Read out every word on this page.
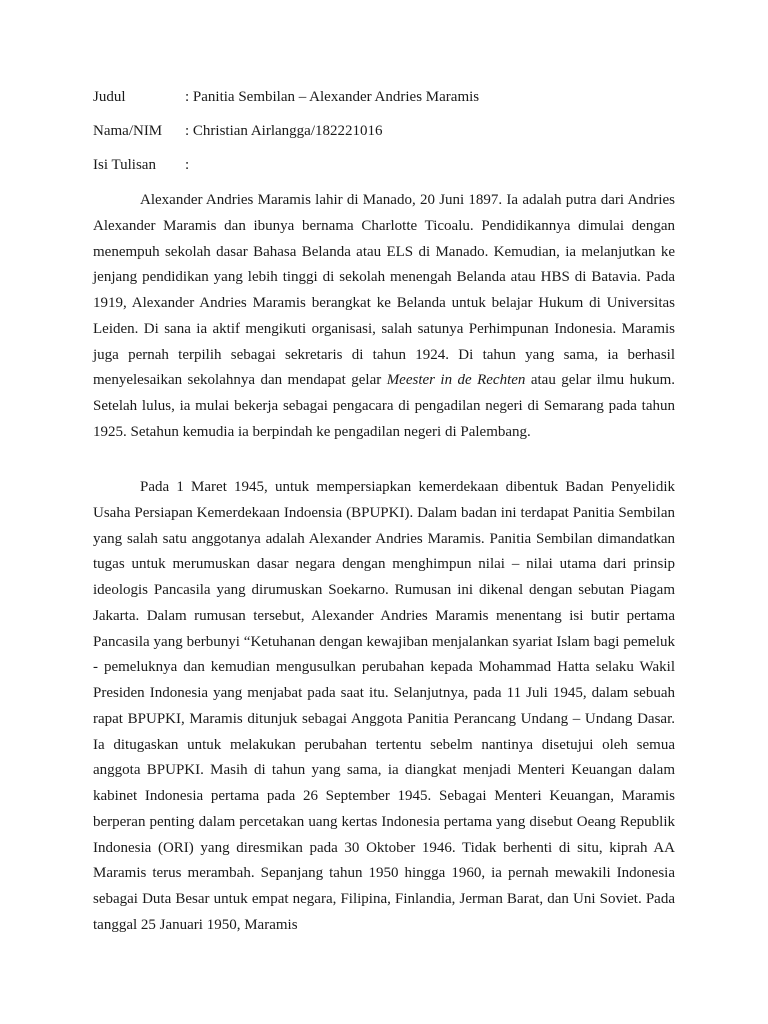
Judul	: Panitia Sembilan – Alexander Andries Maramis
Nama/NIM : Christian Airlangga/182221016
Isi Tulisan :

Alexander Andries Maramis lahir di Manado, 20 Juni 1897. Ia adalah putra dari Andries Alexander Maramis dan ibunya bernama Charlotte Ticoalu. Pendidikannya dimulai dengan menempuh sekolah dasar Bahasa Belanda atau ELS di Manado. Kemudian, ia melanjutkan ke jenjang pendidikan yang lebih tinggi di sekolah menengah Belanda atau HBS di Batavia. Pada 1919, Alexander Andries Maramis berangkat ke Belanda untuk belajar Hukum di Universitas Leiden. Di sana ia aktif mengikuti organisasi, salah satunya Perhimpunan Indonesia. Maramis juga pernah terpilih sebagai sekretaris di tahun 1924. Di tahun yang sama, ia berhasil menyelesaikan sekolahnya dan mendapat gelar Meester in de Rechten atau gelar ilmu hukum. Setelah lulus, ia mulai bekerja sebagai pengacara di pengadilan negeri di Semarang pada tahun 1925. Setahun kemudia ia berpindah ke pengadilan negeri di Palembang.

Pada 1 Maret 1945, untuk mempersiapkan kemerdekaan dibentuk Badan Penyelidik Usaha Persiapan Kemerdekaan Indoensia (BPUPKI). Dalam badan ini terdapat Panitia Sembilan yang salah satu anggotanya adalah Alexander Andries Maramis. Panitia Sembilan dimandatkan tugas untuk merumuskan dasar negara dengan menghimpun nilai – nilai utama dari prinsip ideologis Pancasila yang dirumuskan Soekarno. Rumusan ini dikenal dengan sebutan Piagam Jakarta. Dalam rumusan tersebut, Alexander Andries Maramis menentang isi butir pertama Pancasila yang berbunyi “Ketuhanan dengan kewajiban menjalankan syariat Islam bagi pemeluk - pemeluknya dan kemudian mengusulkan perubahan kepada Mohammad Hatta selaku Wakil Presiden Indonesia yang menjabat pada saat itu. Selanjutnya, pada 11 Juli 1945, dalam sebuah rapat BPUPKI, Maramis ditunjuk sebagai Anggota Panitia Perancang Undang – Undang Dasar. Ia ditugaskan untuk melakukan perubahan tertentu sebelm nantinya disetujui oleh semua anggota BPUPKI. Masih di tahun yang sama, ia diangkat menjadi Menteri Keuangan dalam kabinet Indonesia pertama pada 26 September 1945. Sebagai Menteri Keuangan, Maramis berperan penting dalam percetakan uang kertas Indonesia pertama yang disebut Oeang Republik Indonesia (ORI) yang diresmikan pada 30 Oktober 1946. Tidak berhenti di situ, kiprah AA Maramis terus merambah. Sepanjang tahun 1950 hingga 1960, ia pernah mewakili Indonesia sebagai Duta Besar untuk empat negara, Filipina, Finlandia, Jerman Barat, dan Uni Soviet. Pada tanggal 25 Januari 1950, Maramis
